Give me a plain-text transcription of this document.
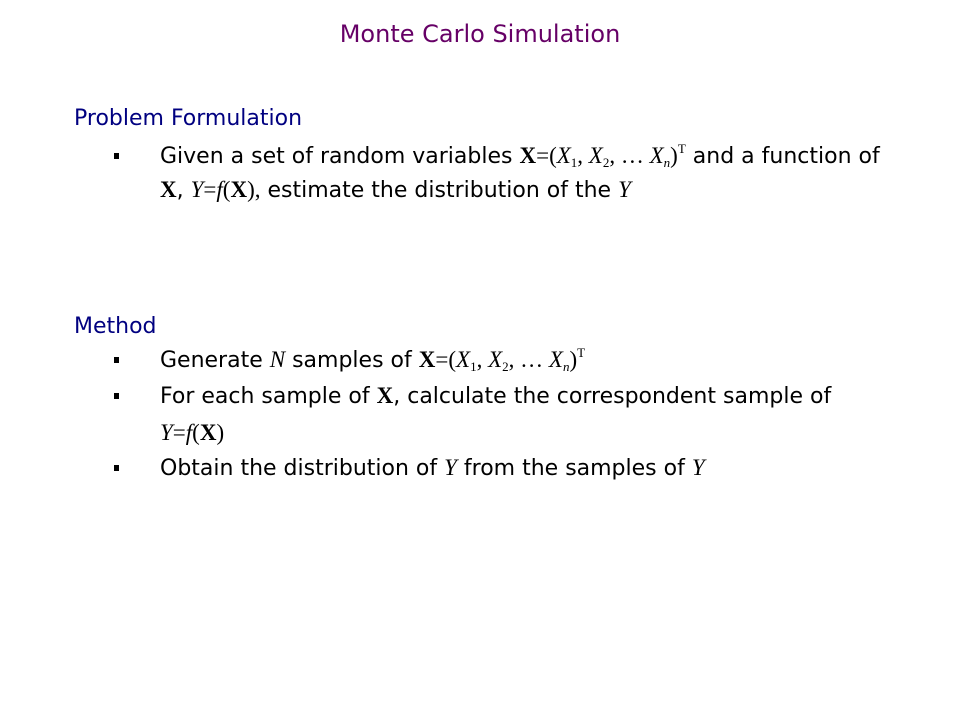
Monte Carlo Simulation
Problem Formulation
Given a set of random variables $X=(X_1$, $X_2$, … $X_n)^T$ and a function of X, Y=f(X), estimate the distribution of the Y
Method
Generate N samples of $X=(X_1$, $X_2$, … $X_n)^T$
For each sample of X, calculate the correspondent sample of Y=f(X)
Obtain the distribution of Y from the samples of Y
